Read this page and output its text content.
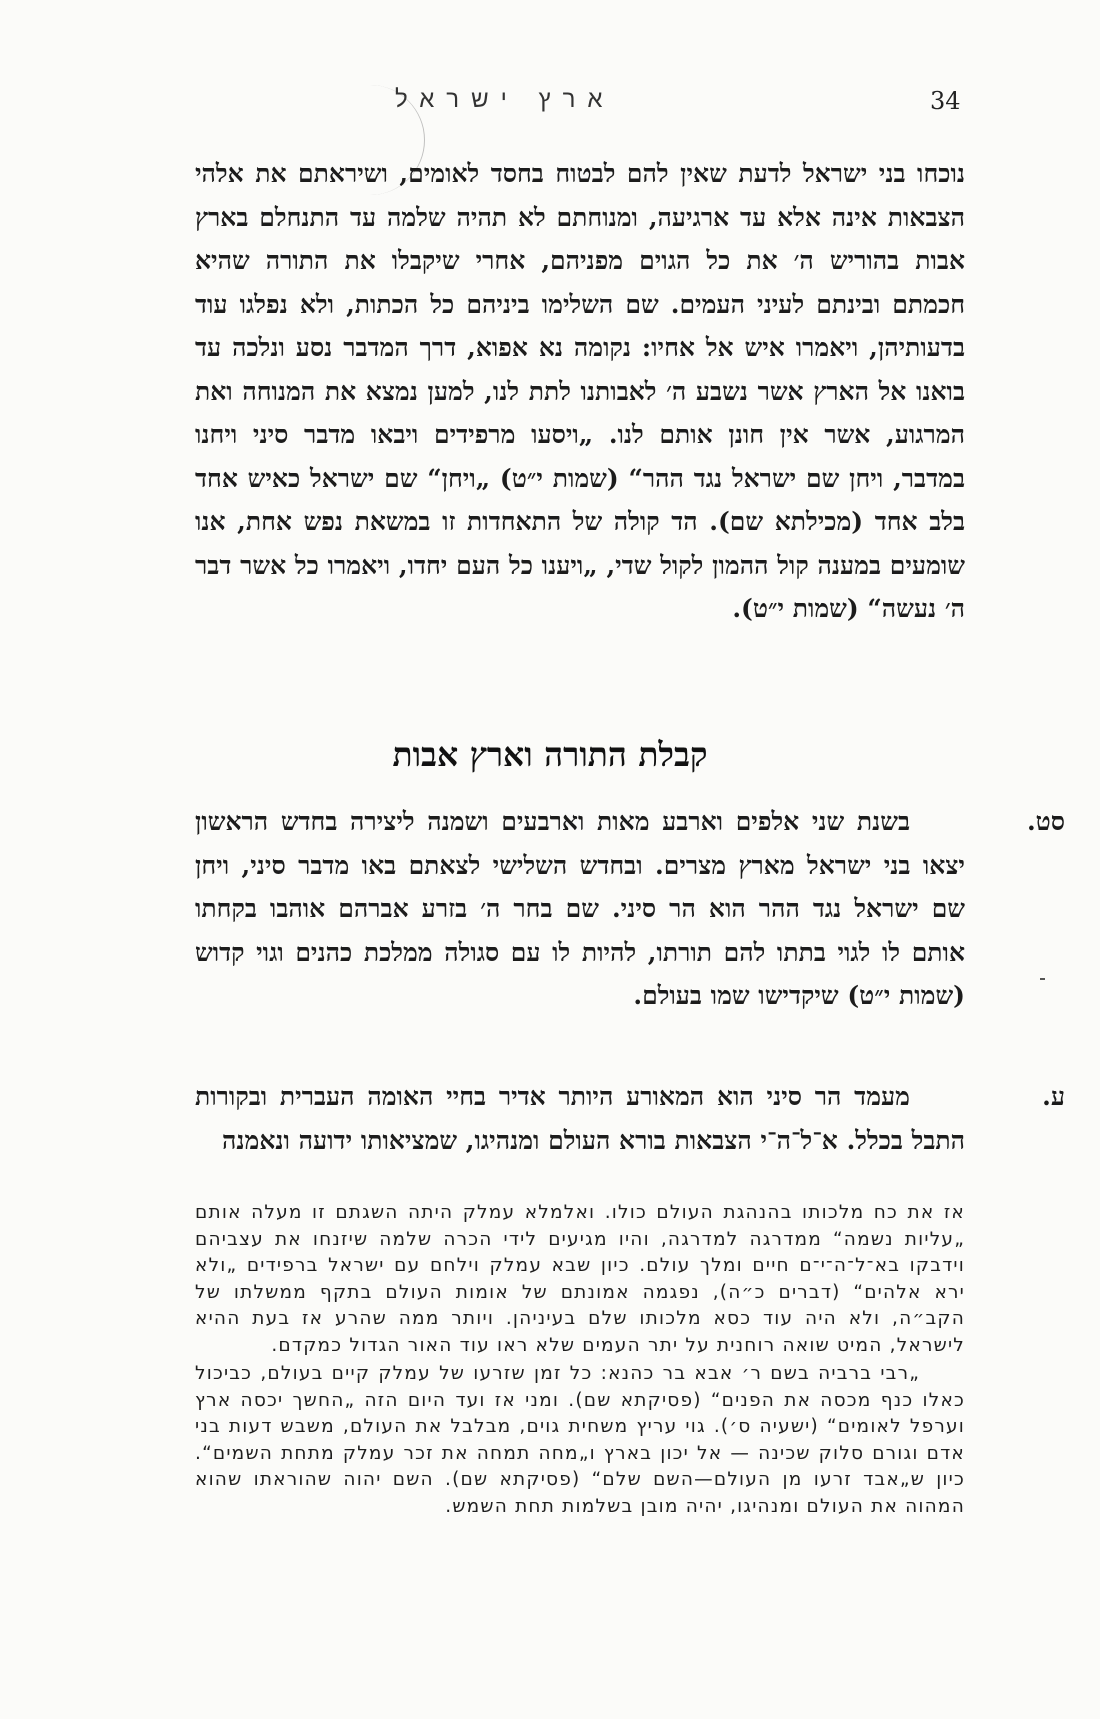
ארץ ישראל	34

נוכחו בני ישראל לדעת שאין להם לבטוח בחסד לאומים, ושיראתם את אלהי הצבאות אינה אלא עד ארגיעה, ומנוחתם לא תהיה שלמה עד התנחלם בארץ אבות בהוריש ה׳ את כל הגוים מפניהם, אחרי שיקבלו את התורה שהיא חכמתם ובינתם לעיני העמים. שם השלימו ביניהם כל הכתות, ולא נפלגו עוד בדעותיהן, ויאמרו איש אל אחיו: נקומה נא אפוא, דרך המדבר נסע ונלכה עד בואנו אל הארץ אשר נשבע ה׳ לאבותנו לתת לנו, למען נמצא את המנוחה ואת המרגוע, אשר אין חונן אותם לנו. „ויסעו מרפידים ויבאו מדבר סיני ויחנו במדבר, ויחן שם ישראל נגד ההר“ (שמות י״ט) „ויחן“ שם ישראל כאיש אחד בלב אחד (מכילתא שם). הד קולה של התאחדות זו במשאת נפש אחת, אנו שומעים במענה קול ההמון לקול שדי, „ויענו כל העם יחדו, ויאמרו כל אשר דבר ה׳ נעשה“ (שמות י״ט).

קבלת התורה וארץ אבות
סט.

בשנת שני אלפים וארבע מאות וארבעים ושמנה ליצירה בחדש הראשון יצאו בני ישראל מארץ מצרים. ובחדש השלישי לצאתם באו מדבר סיני, ויחן שם ישראל נגד ההר הוא הר סיני. שם בחר ה׳ בזרע אברהם אוהבו בקחתו אותם לו לגוי בתתו להם תורתו, להיות לו עם סגולה ממלכת כהנים וגוי קדוש (שמות י״ט) שיקדישו שמו בעולם.

ע.

מעמד הר סיני הוא המאורע היותר אדיר בחיי האומה העברית ובקורות התבל בכלל. א־ל־ה־י הצבאות בורא העולם ומנהיגו, שמציאותו ידועה ונאמנה

אז את כח מלכותו בהנהגת העולם כולו. ואלמלא עמלק היתה השגתם זו מעלה אותם „עליות נשמה“ ממדרגה למדרגה, והיו מגיעים לידי הכרה שלמה שיזנחו את עצביהם וידבקו בא־ל־ה־י־ם חיים ומלך עולם. כיון שבא עמלק וילחם עם ישראל ברפידים „ולא ירא אלהים“ (דברים כ״ה), נפגמה אמונתם של אומות העולם בתקף ממשלתו של הקב״ה, ולא היה עוד כסא מלכותו שלם בעיניהן. ויותר ממה שהרע אז בעת ההיא לישראל, המיט שואה רוחנית על יתר העמים שלא ראו עוד האור הגדול כמקדם.

„רבי ברביה בשם ר׳ אבא בר כהנא: כל זמן שזרעו של עמלק קיים בעולם, כביכול כאלו כנף מכסה את הפנים“ (פסיקתא שם). ומני אז ועד היום הזה „החשך יכסה ארץ וערפל לאומים“ (ישעיה ס׳). גוי עריץ משחית גוים, מבלבל את העולם, משבש דעות בני אדם וגורם סלוק שכינה — אל יכון בארץ ו„מחה תמחה את זכר עמלק מתחת השמים“. כיון ש„אבד זרעו מן העולם—השם שלם“ (פסיקתא שם). השם יהוה שהוראתו שהוא המהוה את העולם ומנהיגו, יהיה מובן בשלמות תחת השמש.
